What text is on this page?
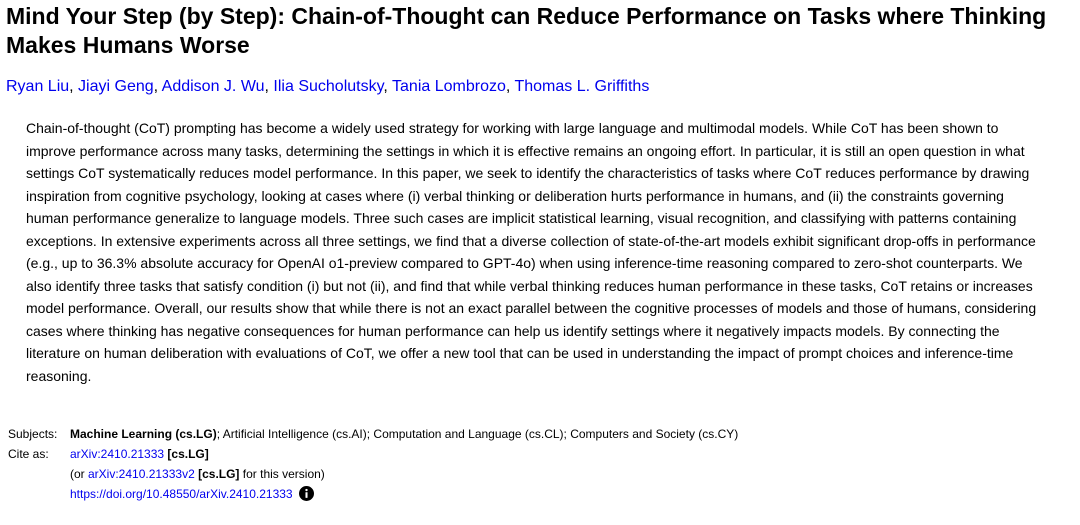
Mind Your Step (by Step): Chain-of-Thought can Reduce Performance on Tasks where Thinking Makes Humans Worse
Ryan Liu, Jiayi Geng, Addison J. Wu, Ilia Sucholutsky, Tania Lombrozo, Thomas L. Griffiths

Chain-of-thought (CoT) prompting has become a widely used strategy for working with large language and multimodal models. While CoT has been shown to improve performance across many tasks, determining the settings in which it is effective remains an ongoing effort. In particular, it is still an open question in what settings CoT systematically reduces model performance. In this paper, we seek to identify the characteristics of tasks where CoT reduces performance by drawing inspiration from cognitive psychology, looking at cases where (i) verbal thinking or deliberation hurts performance in humans, and (ii) the constraints governing human performance generalize to language models. Three such cases are implicit statistical learning, visual recognition, and classifying with patterns containing exceptions. In extensive experiments across all three settings, we find that a diverse collection of state-of-the-art models exhibit significant drop-offs in performance (e.g., up to 36.3% absolute accuracy for OpenAI o1-preview compared to GPT-4o) when using inference-time reasoning compared to zero-shot counterparts. We also identify three tasks that satisfy condition (i) but not (ii), and find that while verbal thinking reduces human performance in these tasks, CoT retains or increases model performance. Overall, our results show that while there is not an exact parallel between the cognitive processes of models and those of humans, considering cases where thinking has negative consequences for human performance can help us identify settings where it negatively impacts models. By connecting the literature on human deliberation with evaluations of CoT, we offer a new tool that can be used in understanding the impact of prompt choices and inference-time reasoning.

Subjects:	Machine Learning (cs.LG); Artificial Intelligence (cs.AI); Computation and Language (cs.CL); Computers and Society (cs.CY)
Cite as:	arXiv:2410.21333 [cs.LG]
(or arXiv:2410.21333v2 [cs.LG] for this version)
https://doi.org/10.48550/arXiv.2410.21333
